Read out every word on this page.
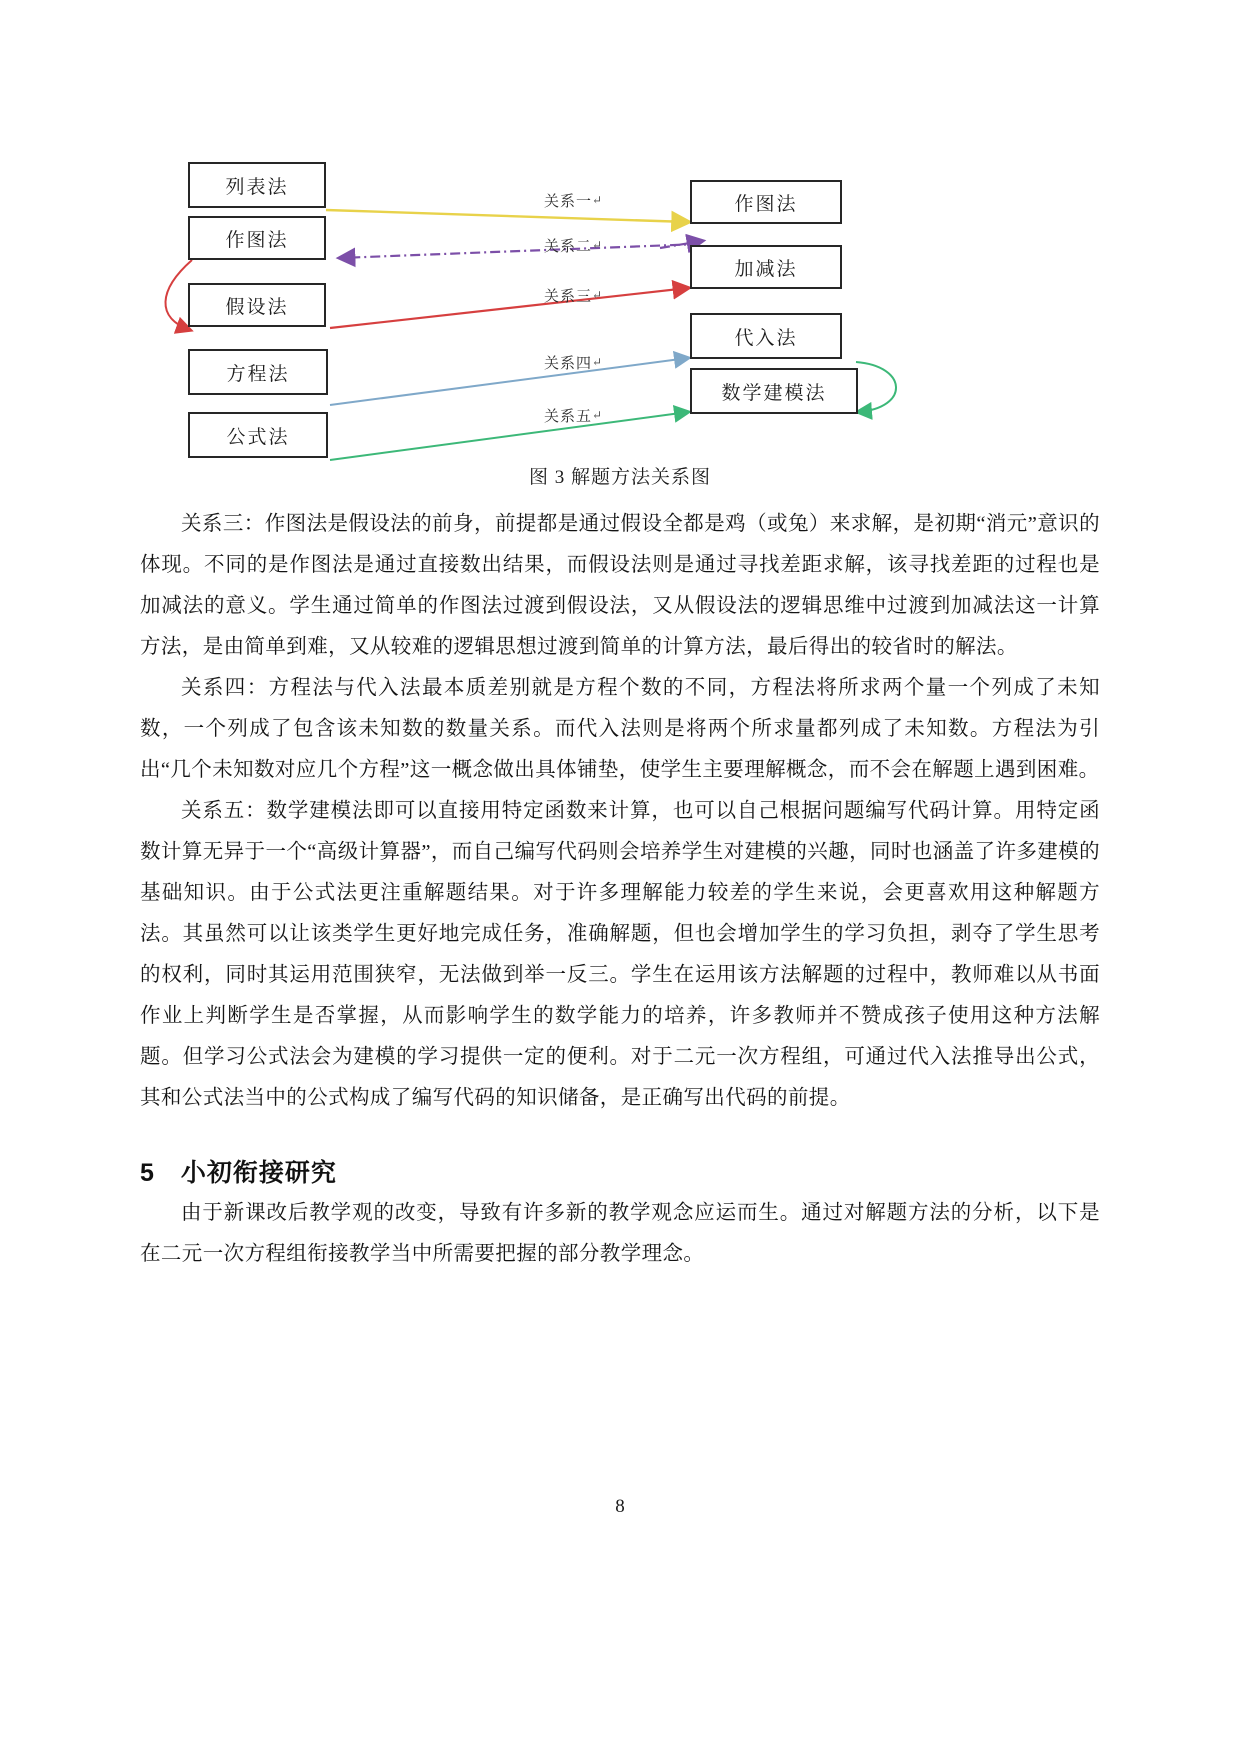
列表法
作图法
假设法
方程法
公式法
作图法
加减法
代入法
数学建模法
关系一↵
关系二↵
关系三↵
关系四↵
关系五↵
图 3 解题方法关系图

关系三：作图法是假设法的前身，前提都是通过假设全都是鸡（或兔）来求解，是初期“消元”意识的体现。不同的是作图法是通过直接数出结果，而假设法则是通过寻找差距求解，该寻找差距的过程也是加减法的意义。学生通过简单的作图法过渡到假设法，又从假设法的逻辑思维中过渡到加减法这一计算方法，是由简单到难，又从较难的逻辑思想过渡到简单的计算方法，最后得出的较省时的解法。

关系四：方程法与代入法最本质差别就是方程个数的不同，方程法将所求两个量一个列成了未知数，一个列成了包含该未知数的数量关系。而代入法则是将两个所求量都列成了未知数。方程法为引出“几个未知数对应几个方程”这一概念做出具体铺垫，使学生主要理解概念，而不会在解题上遇到困难。

关系五：数学建模法即可以直接用特定函数来计算，也可以自己根据问题编写代码计算。用特定函数计算无异于一个“高级计算器”，而自己编写代码则会培养学生对建模的兴趣，同时也涵盖了许多建模的基础知识。由于公式法更注重解题结果。对于许多理解能力较差的学生来说，会更喜欢用这种解题方法。其虽然可以让该类学生更好地完成任务，准确解题，但也会增加学生的学习负担，剥夺了学生思考的权利，同时其运用范围狭窄，无法做到举一反三。学生在运用该方法解题的过程中，教师难以从书面作业上判断学生是否掌握，从而影响学生的数学能力的培养，许多教师并不赞成孩子使用这种方法解题。但学习公式法会为建模的学习提供一定的便利。对于二元一次方程组，可通过代入法推导出公式，其和公式法当中的公式构成了编写代码的知识储备，是正确写出代码的前提。

5 小初衔接研究

由于新课改后教学观的改变，导致有许多新的教学观念应运而生。通过对解题方法的分析，以下是在二元一次方程组衔接教学当中所需要把握的部分教学理念。

8
